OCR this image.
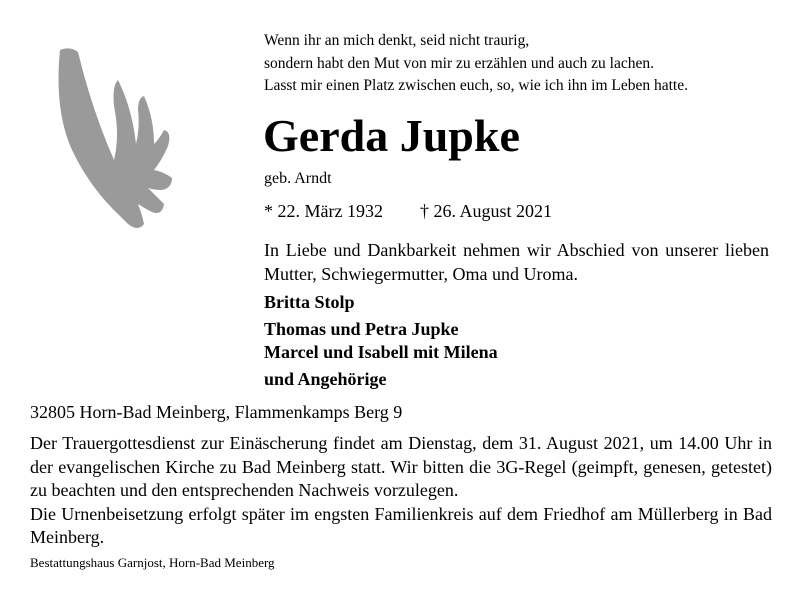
Wenn ihr an mich denkt, seid nicht traurig,
sondern habt den Mut von mir zu erzählen und auch zu lachen.
Lasst mir einen Platz zwischen euch, so, wie ich ihn im Leben hatte.
Gerda Jupke
geb. Arndt
* 22. März 1932 † 26. August 2021
In Liebe und Dankbarkeit nehmen wir Abschied von unserer lieben Mutter, Schwiegermutter, Oma und Uroma.
Britta Stolp
Thomas und Petra Jupke
Marcel und Isabell mit Milena
und Angehörige
32805 Horn-Bad Meinberg, Flammenkamps Berg 9

Der Trauergottesdienst zur Einäscherung findet am Dienstag, dem 31. August 2021, um 14.00 Uhr in der evangelischen Kirche zu Bad Meinberg statt. Wir bitten die 3G-Regel (geimpft, genesen, getestet) zu beachten und den entsprechenden Nachweis vorzulegen.

Die Urnenbeisetzung erfolgt später im engsten Familienkreis auf dem Friedhof am Müllerberg in Bad Meinberg.

Bestattungshaus Garnjost, Horn-Bad Meinberg
